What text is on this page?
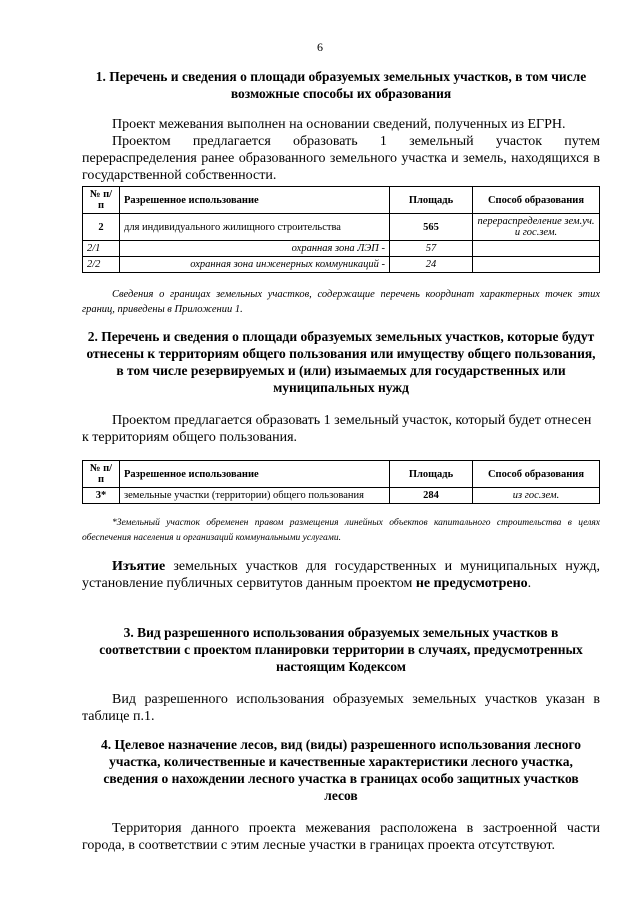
6

1. Перечень и сведения о площади образуемых земельных участков, в том числе возможные способы их образования

Проект межевания выполнен на основании сведений, полученных из ЕГРН.

Проектом предлагается образовать 1 земельный участок путем перераспределения ранее образованного земельного участка и земель, находящихся в государственной собственности.

№ п/п	Разрешенное использование	Площадь	Способ образования
2	для индивидуального жилищного строительства	565	перераспределение зем.уч. и гос.зем.
2/1	охранная зона ЛЭП -	57	
2/2	охранная зона инженерных коммуникаций -	24	

Сведения о границах земельных участков, содержащие перечень координат характерных точек этих границ, приведены в Приложении 1.

2. Перечень и сведения о площади образуемых земельных участков, которые будут отнесены к территориям общего пользования или имуществу общего пользования, в том числе резервируемых и (или) изымаемых для государственных или муниципальных нужд

Проектом предлагается образовать 1 земельный участок, который будет отнесен к территориям общего пользования.

№ п/п	Разрешенное использование	Площадь	Способ образования
3*	земельные участки (территории) общего пользования	284	из гос.зем.

*Земельный участок обременен правом размещения линейных объектов капитального строительства в целях обеспечения населения и организаций коммунальными услугами.

Изъятие земельных участков для государственных и муниципальных нужд, установление публичных сервитутов данным проектом не предусмотрено.

3. Вид разрешенного использования образуемых земельных участков в соответствии с проектом планировки территории в случаях, предусмотренных настоящим Кодексом

Вид разрешенного использования образуемых земельных участков указан в таблице п.1.

4. Целевое назначение лесов, вид (виды) разрешенного использования лесного участка, количественные и качественные характеристики лесного участка, сведения о нахождении лесного участка в границах особо защитных участков лесов

Территория данного проекта межевания расположена в застроенной части города, в соответствии с этим лесные участки в границах проекта отсутствуют.
